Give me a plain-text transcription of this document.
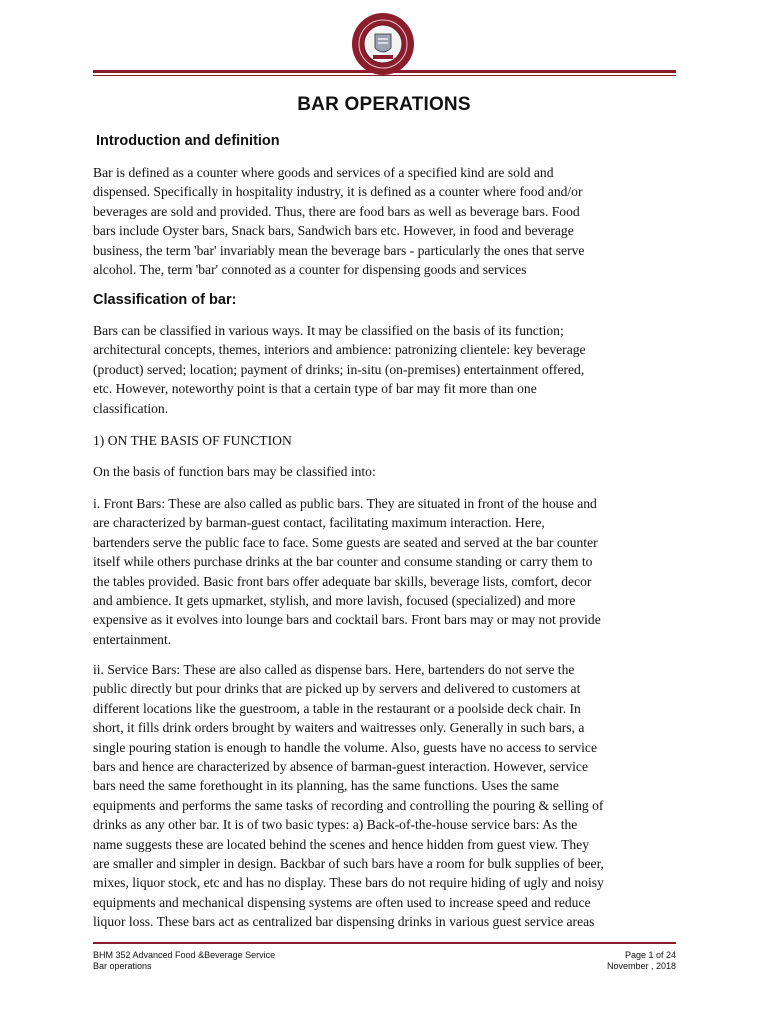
BAR OPERATIONS
Introduction and definition
Bar is defined as a counter where goods and services of a specified kind are sold and
dispensed. Specifically in hospitality industry, it is defined as a counter where food and/or
beverages are sold and provided. Thus, there are food bars as well as beverage bars. Food
bars include Oyster bars, Snack bars, Sandwich bars etc. However, in food and beverage
business, the term 'bar' invariably mean the beverage bars - particularly the ones that serve
alcohol. The, term 'bar' connoted as a counter for dispensing goods and services
Classification of bar:
Bars can be classified in various ways. It may be classified on the basis of its function;
architectural concepts, themes, interiors and ambience: patronizing clientele: key beverage
(product) served; location; payment of drinks; in-situ (on-premises) entertainment offered,
etc. However, noteworthy point is that a certain type of bar may fit more than one
classification.
1) ON THE BASIS OF FUNCTION
On the basis of function bars may be classified into:
i. Front Bars: These are also called as public bars. They are situated in front of the house and
are characterized by barman-guest contact, facilitating maximum interaction. Here,
bartenders serve the public face to face. Some guests are seated and served at the bar counter
itself while others purchase drinks at the bar counter and consume standing or carry them to
the tables provided. Basic front bars offer adequate bar skills, beverage lists, comfort, decor
and ambience. It gets upmarket, stylish, and more lavish, focused (specialized) and more
expensive as it evolves into lounge bars and cocktail bars. Front bars may or may not provide
entertainment.
ii. Service Bars: These are also called as dispense bars. Here, bartenders do not serve the
public directly but pour drinks that are picked up by servers and delivered to customers at
different locations like the guestroom, a table in the restaurant or a poolside deck chair. In
short, it fills drink orders brought by waiters and waitresses only. Generally in such bars, a
single pouring station is enough to handle the volume. Also, guests have no access to service
bars and hence are characterized by absence of barman-guest interaction. However, service
bars need the same forethought in its planning, has the same functions. Uses the same
equipments and performs the same tasks of recording and controlling the pouring & selling of
drinks as any other bar. It is of two basic types: a) Back-of-the-house service bars: As the
name suggests these are located behind the scenes and hence hidden from guest view. They
are smaller and simpler in design. Backbar of such bars have a room for bulk supplies of beer,
mixes, liquor stock, etc and has no display. These bars do not require hiding of ugly and noisy
equipments and mechanical dispensing systems are often used to increase speed and reduce
liquor loss. These bars act as centralized bar dispensing drinks in various guest service areas
BHM 352 Advanced Food &Beverage Service
Bar operations
Page 1 of 24
November , 2018
